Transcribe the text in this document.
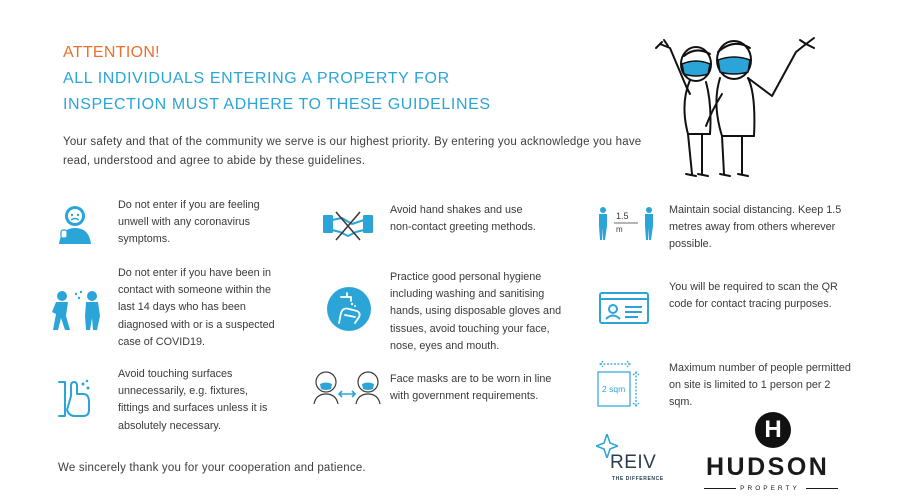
ATTENTION!
ALL INDIVIDUALS ENTERING A PROPERTY FOR
INSPECTION MUST ADHERE TO THESE GUIDELINES
Your safety and that of the community we serve is our highest priority. By entering you acknowledge you have read, understood and agree to abide by these guidelines.
Do not enter if you are feeling unwell with any coronavirus symptoms.
Do not enter if you have been in contact with someone within the last 14 days who has been diagnosed with or is a suspected case of COVID19.
Avoid touching surfaces unnecessarily, e.g. fixtures, fittings and surfaces unless it is absolutely necessary.
Avoid hand shakes and use non-contact greeting methods.
Practice good personal hygiene including washing and sanitising hands, using disposable gloves and tissues, avoid touching your face, nose, eyes and mouth.
Face masks are to be worn in line with government requirements.
1.5
m
Maintain social distancing. Keep 1.5 metres away from others wherever possible.
You will be required to scan the QR code for contact tracing purposes.
2 sqm
Maximum number of people permitted on site is limited to 1 person per 2 sqm.
We sincerely thank you for your cooperation and patience.	REIV
THE DIFFERENCE
H
HUDSON
PROPERTY
